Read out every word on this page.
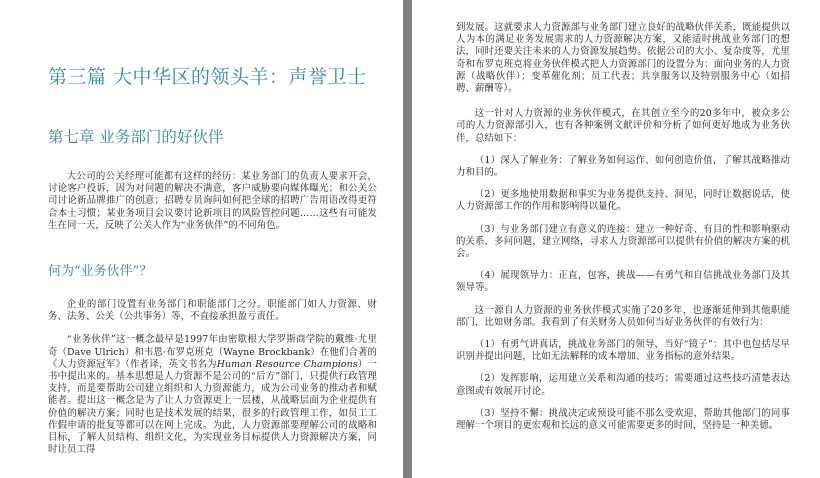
第三篇 大中华区的领头羊：声誉卫士
第七章 业务部门的好伙伴

大公司的公关经理可能都有这样的经历：某业务部门的负责人要求开会，讨论客户投诉，因为对问题的解决不满意，客户威胁要向媒体曝光；和公关公司讨论新品牌推广的创意；招聘专员询问如何把全球的招聘广告用语改得更符合本土习惯；某业务项目会议要讨论新项目的风险管控问题……这些有可能发生在同一天，反映了公关人作为“业务伙伴”的不同角色。

何为“业务伙伴”？

企业的部门设置有业务部门和职能部门之分。职能部门如人力资源、财务、法务、公关（公共事务）等，不直接承担盈亏责任。

“业务伙伴”这一概念最早是1997年由密歇根大学罗斯商学院的戴维·尤里奇（Dave Ulrich）和韦恩·布罗克班克（Wayne Brockbank）在他们合著的《人力资源冠军》（作者译，英文书名为Human Resource Champions）一书中提出来的。基本思想是人力资源不是公司的“后方”部门，只提供行政管理支持，而是要帮助公司建立组织和人力资源能力，成为公司业务的推动者和赋能者。提出这一概念是为了让人力资源更上一层楼，从战略层面为企业提供有价值的解决方案；同时也是技术发展的结果，很多的行政管理工作，如员工工作假申请的批复等都可以在网上完成。为此，人力资源部要理解公司的战略和目标，了解人员结构、组织文化，为实现业务目标提供人力资源解决方案，同时让员工得

到发展。这就要求人力资源部与业务部门建立良好的战略伙伴关系，既能提供以人为本的满足业务发展需求的人力资源解决方案，又能适时挑战业务部门的想法，同时还要关注未来的人力资源发展趋势。依据公司的大小、复杂度等，尤里奇和布罗克班克将业务伙伴模式把人力资源部门的设置分为：面向业务的人力资源（战略伙伴）；变革催化剂；员工代表；共享服务以及特别服务中心（如招聘、薪酬等）。

这一针对人力资源的业务伙伴模式，在其创立至今的20多年中，被众多公司的人力资源部引入，也有各种案例文献评价和分析了如何更好地成为业务伙伴，总结如下：

（1）深入了解业务：了解业务如何运作、如何创造价值，了解其战略推动力和目的。

（2）更多地使用数据和事实为业务提供支持、洞见，同时让数据说话，使人力资源部工作的作用和影响得以量化。

（3）与业务部门建立有意义的连接：建立一种好奇、有目的性和影响驱动的关系，多问问题，建立网络，寻求人力资源部可以提供有价值的解决方案的机会。

（4）展现领导力：正直，包容，挑战——有勇气和自信挑战业务部门及其领导等。

这一源自人力资源的业务伙伴模式实施了20多年，也逐渐延伸到其他职能部门，比如财务部。我看到了有关财务人员如何当好业务伙伴的有效行为：

（1）有勇气讲真话，挑战业务部门的领导，当好“镜子”：其中也包括尽早识别并提出问题，比如无法解释的成本增加、业务指标的意外结果。

（2）发挥影响，运用建立关系和沟通的技巧；需要通过这些技巧清楚表达意图或有效展开讨论。

（3）坚持不懈：挑战决定或预设可能不那么受欢迎，帮助其他部门的同事理解一个项目的更宏观和长远的意义可能需要更多的时间，坚持是一种美德。
